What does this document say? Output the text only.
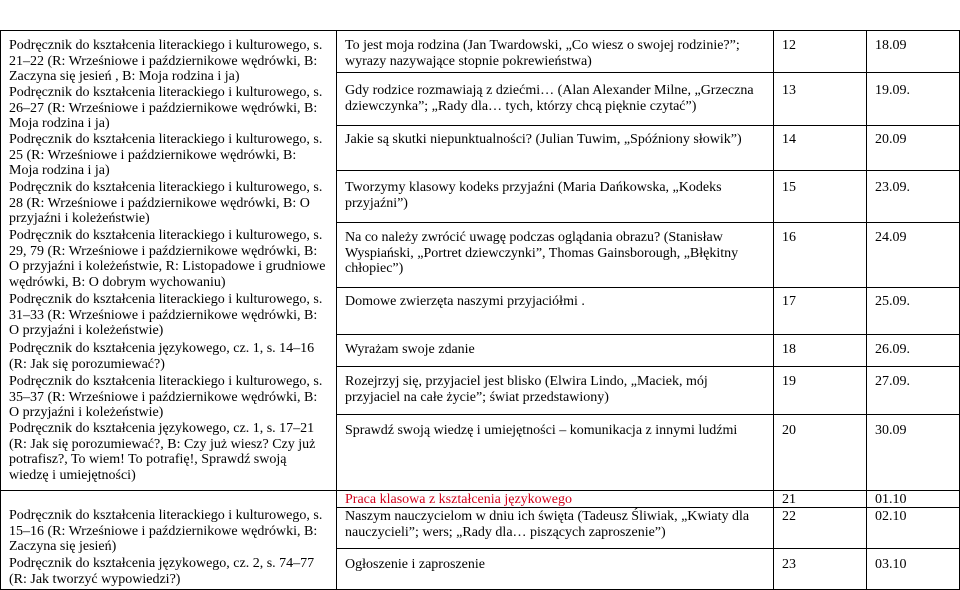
Podręcznik do kształcenia literackiego i kulturowego, s. 21–22 (R: Wrześniowe i październikowe wędrówki, B: Zaczyna się jesień , B: Moja rodzina i ja)
Podręcznik do kształcenia literackiego i kulturowego, s. 26–27 (R: Wrześniowe i październikowe wędrówki, B: Moja rodzina i ja)
Podręcznik do kształcenia literackiego i kulturowego, s. 25 (R: Wrześniowe i październikowe wędrówki, B: Moja rodzina i ja)
Podręcznik do kształcenia literackiego i kulturowego, s. 28 (R: Wrześniowe i październikowe wędrówki, B: O przyjaźni i koleżeństwie)
Podręcznik do kształcenia literackiego i kulturowego, s. 29, 79 (R: Wrześniowe i październikowe wędrówki, B: O przyjaźni i koleżeństwie, R: Listopadowe i grudniowe wędrówki, B: O dobrym wychowaniu)
Podręcznik do kształcenia literackiego i kulturowego, s. 31–33 (R: Wrześniowe i październikowe wędrówki, B: O przyjaźni i koleżeństwie)
Podręcznik do kształcenia językowego, cz. 1, s. 14–16 (R: Jak się porozumiewać?)
Podręcznik do kształcenia literackiego i kulturowego, s. 35–37 (R: Wrześniowe i październikowe wędrówki, B: O przyjaźni i koleżeństwie)
Podręcznik do kształcenia językowego, cz. 1, s. 17–21 (R: Jak się porozumiewać?, B: Czy już wiesz? Czy już potrafisz?, To wiem! To potrafię!, Sprawdź swoją wiedzę i umiejętności)
Podręcznik do kształcenia literackiego i kulturowego, s. 15–16 (R: Wrześniowe i październikowe wędrówki, B: Zaczyna się jesień)
Podręcznik do kształcenia językowego, cz. 2, s. 74–77 (R: Jak tworzyć wypowiedzi?)
To jest moja rodzina (Jan Twardowski, „Co wiesz o swojej rodzinie?”; wyrazy nazywające stopnie pokrewieństwa)
Gdy rodzice rozmawiają z dziećmi… (Alan Alexander Milne, „Grzeczna dziewczynka”; „Rady dla… tych, którzy chcą pięknie czytać”)
Jakie są skutki niepunktualności? (Julian Tuwim, „Spóźniony słowik”)
Tworzymy klasowy kodeks przyjaźni (Maria Dańkowska, „Kodeks przyjaźni”)
Na co należy zwrócić uwagę podczas oglądania obrazu? (Stanisław Wyspiański, „Portret dziewczynki”, Thomas Gainsborough, „Błękitny chłopiec”)
Domowe zwierzęta naszymi przyjaciółmi .
Wyrażam swoje zdanie
Rozejrzyj się, przyjaciel jest blisko (Elwira Lindo, „Maciek, mój przyjaciel na całe życie”; świat przedstawiony)
Sprawdź swoją wiedzę i umiejętności – komunikacja z innymi ludźmi
Praca klasowa z kształcenia językowego
Naszym nauczycielom w dniu ich święta (Tadeusz Śliwiak, „Kwiaty dla nauczycieli”; wers; „Rady dla… piszących zaproszenie”)
Ogłoszenie i zaproszenie
12
13
14
15
16
17
18
19
20
21
22
23
18.09
19.09.
20.09
23.09.
24.09
25.09.
26.09.
27.09.
30.09
01.10
02.10
03.10
